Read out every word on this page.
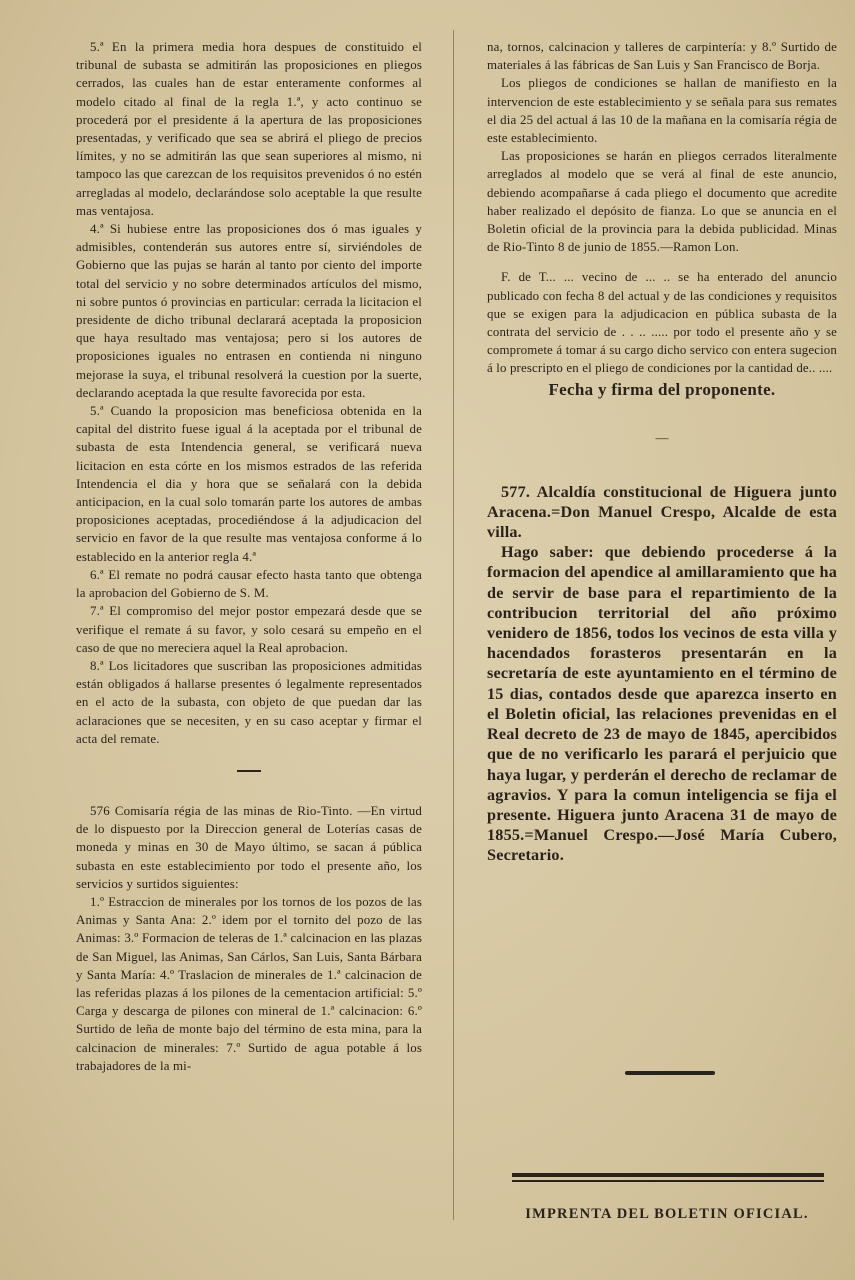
5.ª En la primera media hora despues de constituido el tribunal de subasta se admitirán las proposiciones en pliegos cerrados, las cuales han de estar enteramente conformes al modelo citado al final de la regla 1.ª, y acto continuo se procederá por el presidente á la apertura de las proposiciones presentadas, y verificado que sea se abrirá el pliego de precios límites, y no se admitirán las que sean superiores al mismo, ni tampoco las que carezcan de los requisitos prevenidos ó no estén arregladas al modelo, declarándose solo aceptable la que resulte mas ventajosa.

4.ª Si hubiese entre las proposiciones dos ó mas iguales y admisibles, contenderán sus autores entre sí, sirviéndoles de Gobierno que las pujas se harán al tanto por ciento del importe total del servicio y no sobre determinados artículos del mismo, ni sobre puntos ó provincias en particular: cerrada la licitacion el presidente de dicho tribunal declarará aceptada la proposicion que haya resultado mas ventajosa; pero si los autores de proposiciones iguales no entrasen en contienda ni ninguno mejorase la suya, el tribunal resolverá la cuestion por la suerte, declarando aceptada la que resulte favorecida por esta.

5.ª Cuando la proposicion mas beneficiosa obtenida en la capital del distrito fuese igual á la aceptada por el tribunal de subasta de esta Intendencia general, se verificará nueva licitacion en esta córte en los mismos estrados de las referida Intendencia el dia y hora que se señalará con la debida anticipacion, en la cual solo tomarán parte los autores de ambas proposiciones aceptadas, procediéndose á la adjudicacion del servicio en favor de la que resulte mas ventajosa conforme á lo establecido en la anterior regla 4.ª

6.ª El remate no podrá causar efecto hasta tanto que obtenga la aprobacion del Gobierno de S. M.

7.ª El compromiso del mejor postor empezará desde que se verifique el remate á su favor, y solo cesará su empeño en el caso de que no mereciera aquel la Real aprobacion.

8.ª Los licitadores que suscriban las proposiciones admitidas están obligados á hallarse presentes ó legalmente representados en el acto de la subasta, con objeto de que puedan dar las aclaraciones que se necesiten, y en su caso aceptar y firmar el acta del remate.

576 Comisaría régia de las minas de Rio-Tinto. —En virtud de lo dispuesto por la Direccion general de Loterías casas de moneda y minas en 30 de Mayo último, se sacan á pública subasta en este establecimiento por todo el presente año, los servicios y surtidos siguientes:

1.º Estraccion de minerales por los tornos de los pozos de las Animas y Santa Ana: 2.º idem por el tornito del pozo de las Animas: 3.º Formacion de teleras de 1.ª calcinacion en las plazas de San Miguel, las Animas, San Cárlos, San Luis, Santa Bárbara y Santa María: 4.º Traslacion de minerales de 1.ª calcinacion de las referidas plazas á los pilones de la cementacion artificial: 5.º Carga y descarga de pilones con mineral de 1.ª calcinacion: 6.º Surtido de leña de monte bajo del término de esta mina, para la calcinacion de minerales: 7.º Surtido de agua potable á los trabajadores de la mi-

na, tornos, calcinacion y talleres de carpintería: y 8.º Surtido de materiales á las fábricas de San Luis y San Francisco de Borja.

Los pliegos de condiciones se hallan de manifiesto en la intervencion de este establecimiento y se señala para sus remates el dia 25 del actual á las 10 de la mañana en la comisaría régia de este establecimiento.

Las proposiciones se harán en pliegos cerrados literalmente arreglados al modelo que se verá al final de este anuncio, debiendo acompañarse á cada pliego el documento que acredite haber realizado el depósito de fianza. Lo que se anuncia en el Boletin oficial de la provincia para la debida publicidad. Minas de Rio-Tinto 8 de junio de 1855.—Ramon Lon.

F. de T... ... vecino de ... .. se ha enterado del anuncio publicado con fecha 8 del actual y de las condiciones y requisitos que se exigen para la adjudicacion en pública subasta de la contrata del servicio de . . .. ..... por todo el presente año y se compromete á tomar á su cargo dicho servico con entera sugecion á lo prescripto en el pliego de condiciones por la cantidad de.. ....

Fecha y firma del proponente.
—

577. Alcaldía constitucional de Higuera junto Aracena.=Don Manuel Crespo, Alcalde de esta villa.

Hago saber: que debiendo procederse á la formacion del apendice al amillaramiento que ha de servir de base para el repartimiento de la contribucion territorial del año próximo venidero de 1856, todos los vecinos de esta villa y hacendados forasteros presentarán en la secretaría de este ayuntamiento en el término de 15 dias, contados desde que aparezca inserto en el Boletin oficial, las relaciones prevenidas en el Real decreto de 23 de mayo de 1845, apercibidos que de no verificarlo les parará el perjuicio que haya lugar, y perderán el derecho de reclamar de agravios. Y para la comun inteligencia se fija el presente. Higuera junto Aracena 31 de mayo de 1855.=Manuel Crespo.—José María Cubero, Secretario.

IMPRENTA DEL BOLETIN OFICIAL.
